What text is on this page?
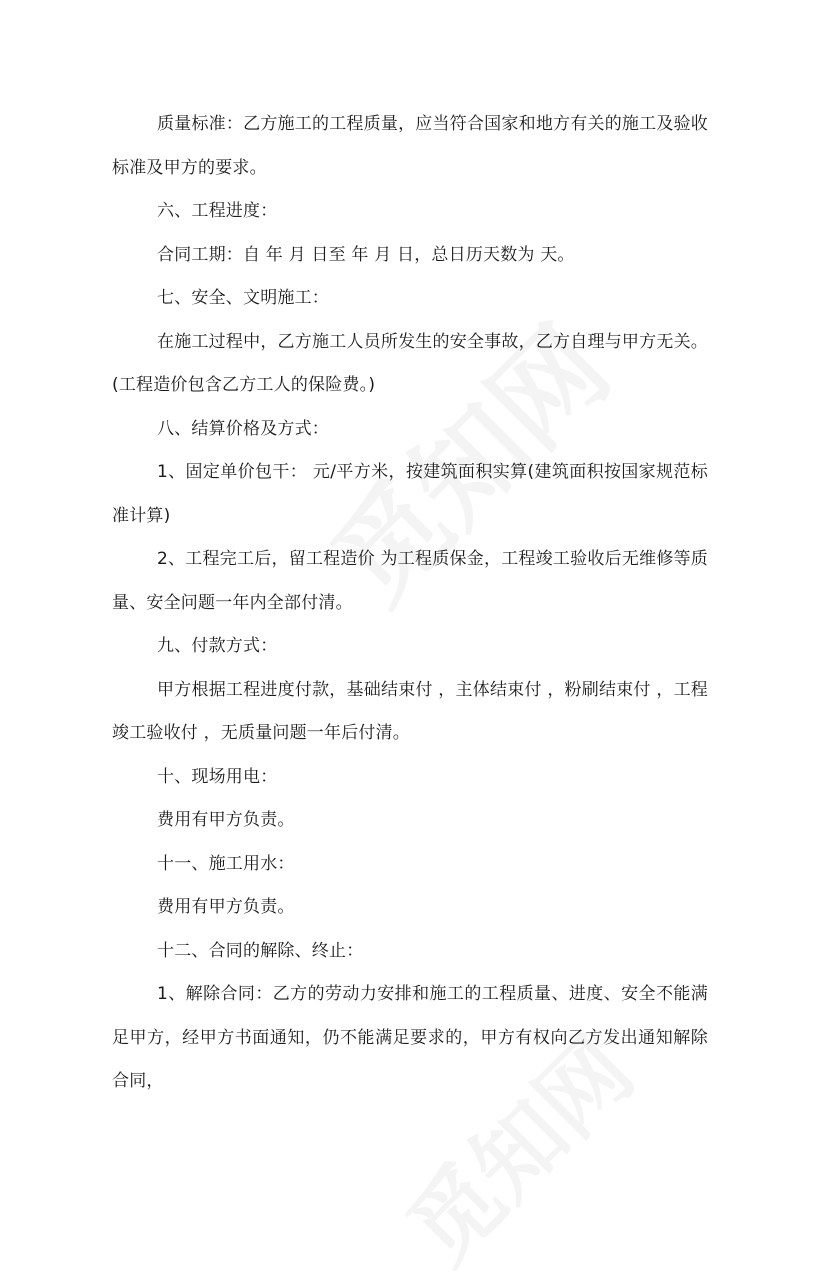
质量标准：乙方施工的工程质量，应当符合国家和地方有关的施工及验收标准及甲方的要求。

六、工程进度：

合同工期：自 年 月 日至 年 月 日，总日历天数为 天。

七、安全、文明施工：

在施工过程中，乙方施工人员所发生的安全事故，乙方自理与甲方无关。(工程造价包含乙方工人的保险费。)

八、结算价格及方式：

1、固定单价包干： 元/平方米，按建筑面积实算(建筑面积按国家规范标准计算)

2、工程完工后，留工程造价 为工程质保金，工程竣工验收后无维修等质量、安全问题一年内全部付清。

九、付款方式：

甲方根据工程进度付款，基础结束付 ，主体结束付 ，粉刷结束付 ，工程竣工验收付 ，无质量问题一年后付清。

十、现场用电：

费用有甲方负责。

十一、施工用水：

费用有甲方负责。

十二、合同的解除、终止：

1、解除合同：乙方的劳动力安排和施工的工程质量、进度、安全不能满足甲方，经甲方书面通知，仍不能满足要求的，甲方有权向乙方发出通知解除合同，
